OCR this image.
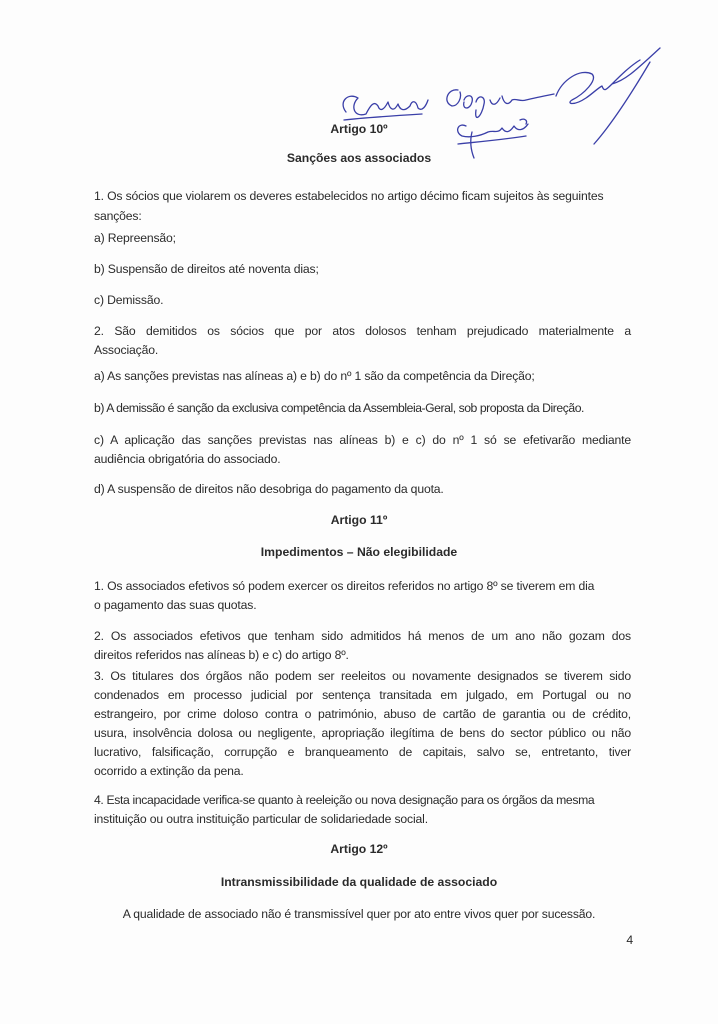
Artigo 10º
Sanções aos associados
1. Os sócios que violarem os deveres estabelecidos no artigo décimo ficam sujeitos às seguintes
sanções:
a) Repreensão;
b) Suspensão de direitos até noventa dias;
c) Demissão.
2. São demitidos os sócios que por atos dolosos tenham prejudicado materialmente a
Associação.
a) As sanções previstas nas alíneas a) e b) do nº 1 são da competência da Direção;
b) A demissão é sanção da exclusiva competência da Assembleia-Geral, sob proposta da Direção.
c) A aplicação das sanções previstas nas alíneas b) e c) do nº 1 só se efetivarão mediante
audiência obrigatória do associado.
d) A suspensão de direitos não desobriga do pagamento da quota.
Artigo 11º
Impedimentos – Não elegibilidade
1. Os associados efetivos só podem exercer os direitos referidos no artigo 8º se tiverem em dia
o pagamento das suas quotas.
2. Os associados efetivos que tenham sido admitidos há menos de um ano não gozam dos
direitos referidos nas alíneas b) e c) do artigo 8º.
3. Os titulares dos órgãos não podem ser reeleitos ou novamente designados se tiverem sido
condenados em processo judicial por sentença transitada em julgado, em Portugal ou no
estrangeiro, por crime doloso contra o património, abuso de cartão de garantia ou de crédito,
usura, insolvência dolosa ou negligente, apropriação ilegítima de bens do sector público ou não
lucrativo, falsificação, corrupção e branqueamento de capitais, salvo se, entretanto, tiver
ocorrido a extinção da pena.
4. Esta incapacidade verifica-se quanto à reeleição ou nova designação para os órgãos da mesma
instituição ou outra instituição particular de solidariedade social.
Artigo 12º
Intransmissibilidade da qualidade de associado
A qualidade de associado não é transmissível quer por ato entre vivos quer por sucessão.
4
